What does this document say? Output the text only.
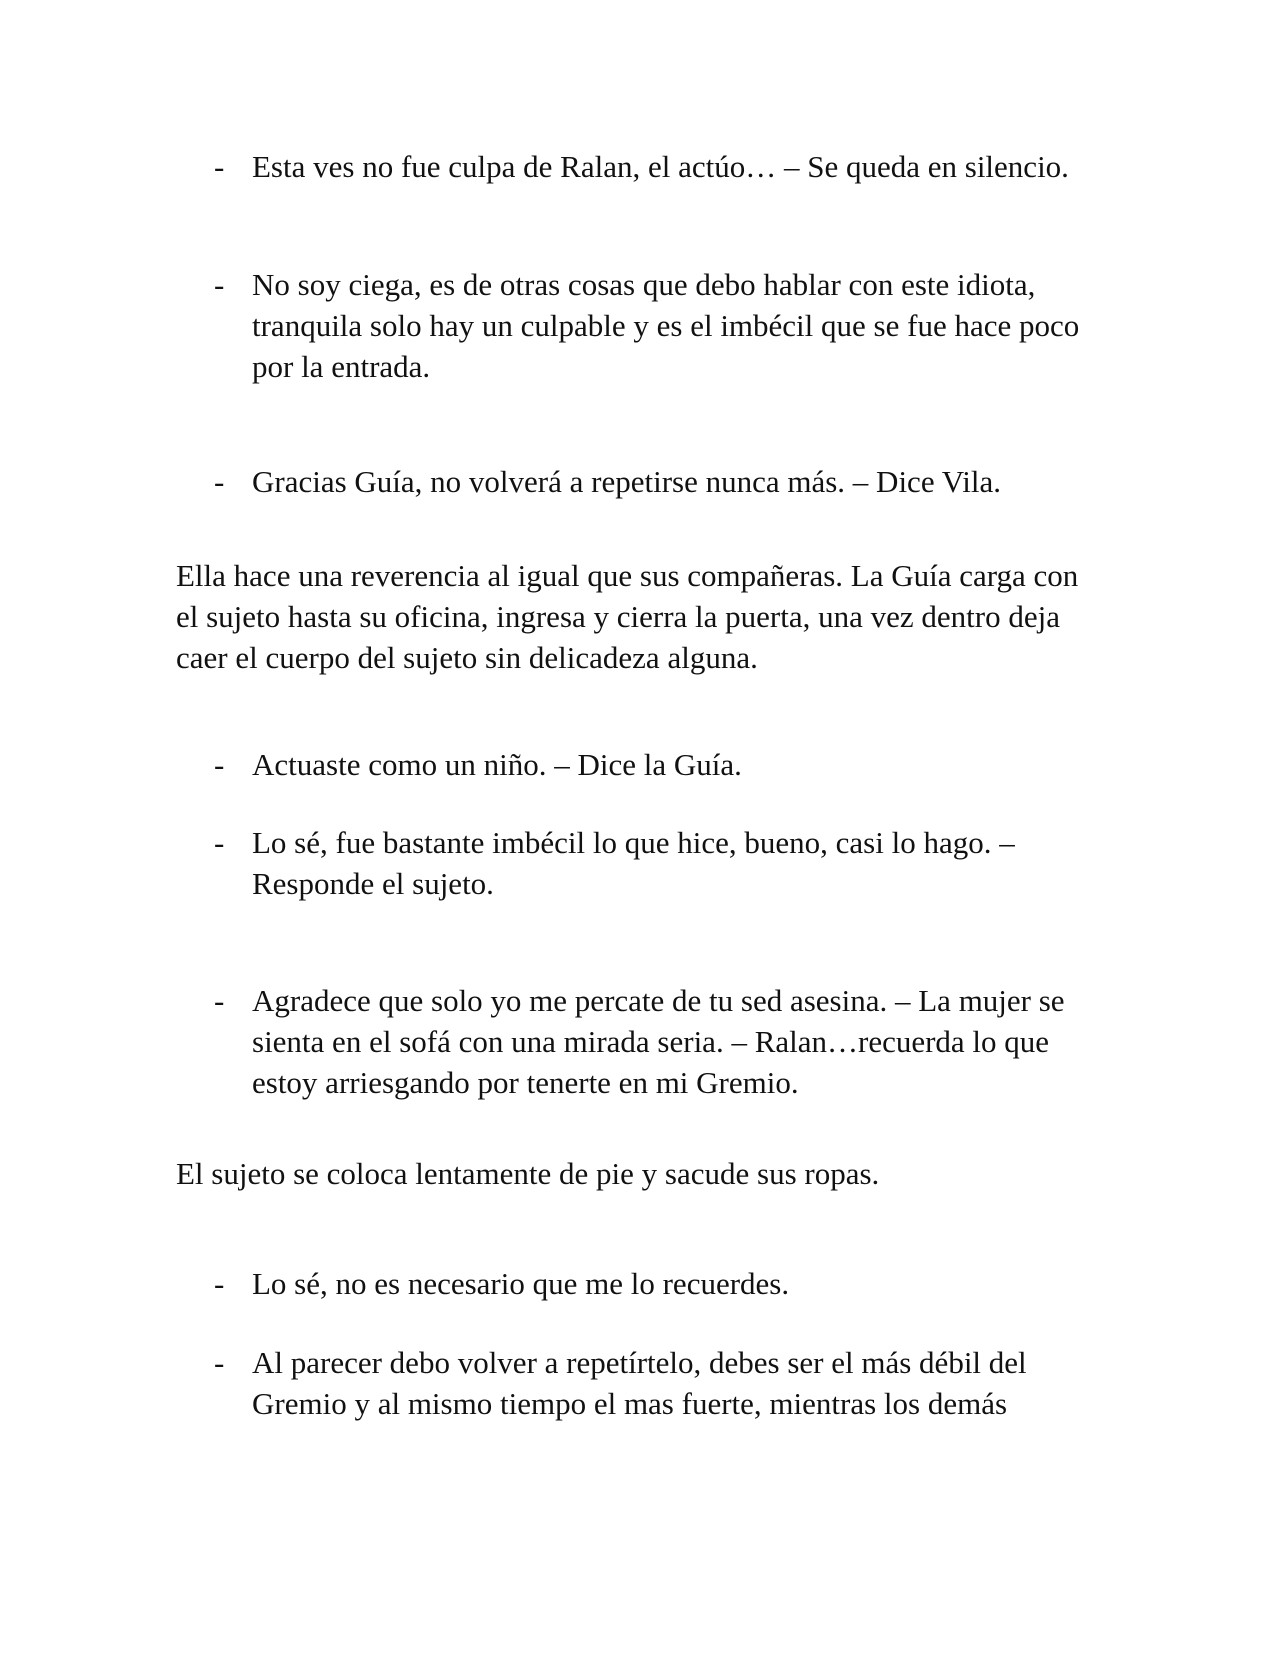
- Esta ves no fue culpa de Ralan, el actúo… – Se queda en silencio.
- No soy ciega, es de otras cosas que debo hablar con este idiota, tranquila solo hay un culpable y es el imbécil que se fue hace poco por la entrada.
- Gracias Guía, no volverá a repetirse nunca más. – Dice Vila.
Ella hace una reverencia al igual que sus compañeras. La Guía carga con el sujeto hasta su oficina, ingresa y cierra la puerta, una vez dentro deja caer el cuerpo del sujeto sin delicadeza alguna.
- Actuaste como un niño. – Dice la Guía.
- Lo sé, fue bastante imbécil lo que hice, bueno, casi lo hago. – Responde el sujeto.
- Agradece que solo yo me percate de tu sed asesina. – La mujer se sienta en el sofá con una mirada seria. – Ralan…recuerda lo que estoy arriesgando por tenerte en mi Gremio.
El sujeto se coloca lentamente de pie y sacude sus ropas.
- Lo sé, no es necesario que me lo recuerdes.
- Al parecer debo volver a repetírtelo, debes ser el más débil del Gremio y al mismo tiempo el mas fuerte, mientras los demás
